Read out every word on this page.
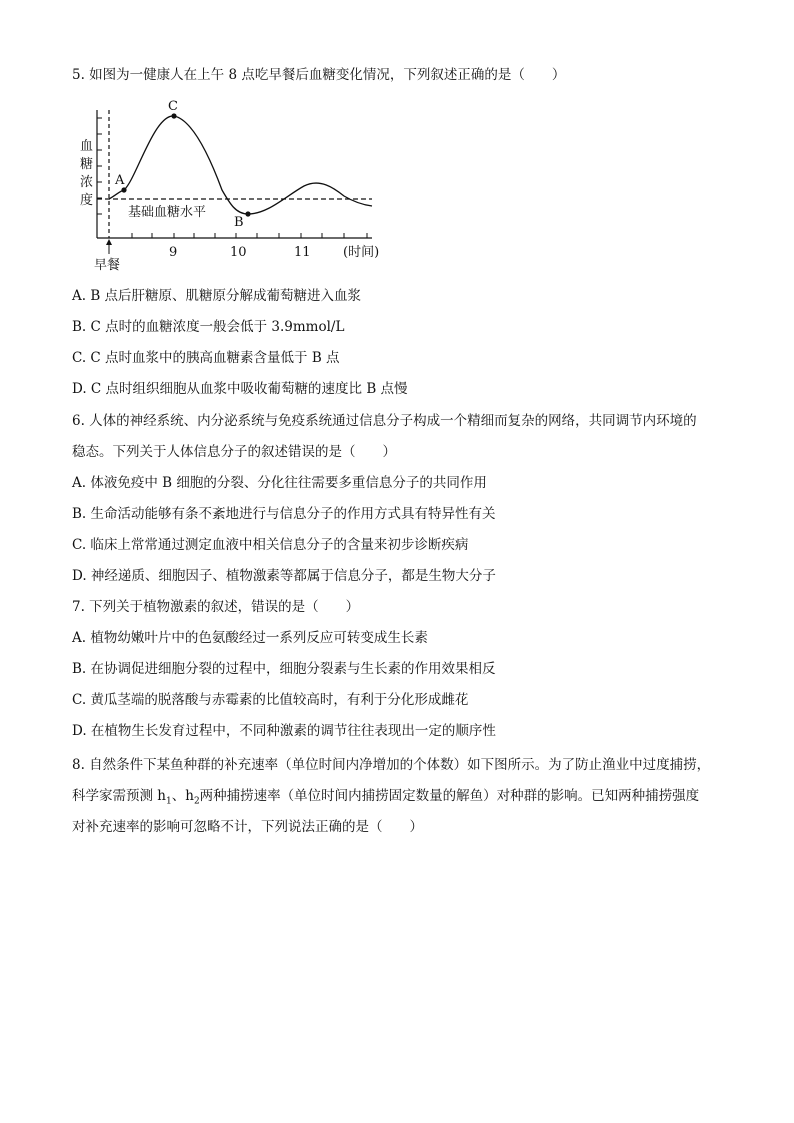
5. 如图为一健康人在上午 8 点吃早餐后血糖变化情况，下列叙述正确的是（　　）
血
糖
浓
度
A
C
B
基础血糖水平
9	10	11 (时间)
早餐
A. B 点后肝糖原、肌糖原分解成葡萄糖进入血浆
B. C 点时的血糖浓度一般会低于 3.9mmol/L
C. C 点时血浆中的胰高血糖素含量低于 B 点
D. C 点时组织细胞从血浆中吸收葡萄糖的速度比 B 点慢
6. 人体的神经系统、内分泌系统与免疫系统通过信息分子构成一个精细而复杂的网络，共同调节内环境的
稳态。下列关于人体信息分子的叙述错误的是（　　）
A. 体液免疫中 B 细胞的分裂、分化往往需要多重信息分子的共同作用
B. 生命活动能够有条不紊地进行与信息分子的作用方式具有特异性有关
C. 临床上常常通过测定血液中相关信息分子的含量来初步诊断疾病
D. 神经递质、细胞因子、植物激素等都属于信息分子，都是生物大分子
7. 下列关于植物激素的叙述，错误的是（　　）
A. 植物幼嫩叶片中的色氨酸经过一系列反应可转变成生长素
B. 在协调促进细胞分裂的过程中，细胞分裂素与生长素的作用效果相反
C. 黄瓜茎端的脱落酸与赤霉素的比值较高时，有利于分化形成雌花
D. 在植物生长发育过程中，不同种激素的调节往往表现出一定的顺序性
8. 自然条件下某鱼种群的补充速率（单位时间内净增加的个体数）如下图所示。为了防止渔业中过度捕捞，
科学家需预测 $h_1$、$h_2$两种捕捞速率（单位时间内捕捞固定数量的解鱼）对种群的影响。已知两种捕捞强度
对补充速率的影响可忽略不计，下列说法正确的是（　　）
